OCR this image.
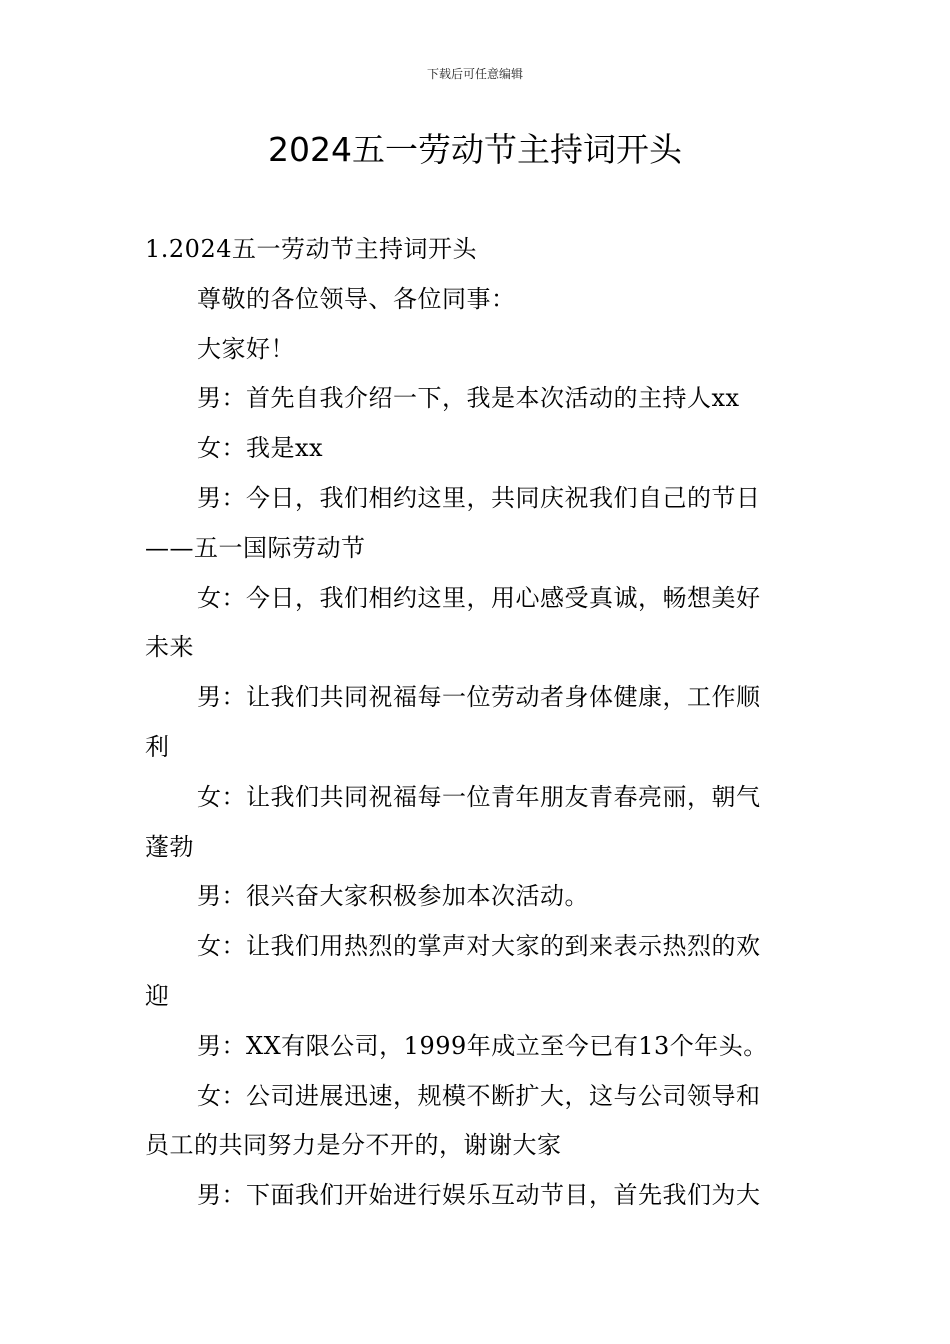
下载后可任意编辑
2024五一劳动节主持词开头

1.2024五一劳动节主持词开头

尊敬的各位领导、各位同事：

大家好！

男：首先自我介绍一下，我是本次活动的主持人xx

女：我是xx

男：今日，我们相约这里，共同庆祝我们自己的节日

——五一国际劳动节

女：今日，我们相约这里，用心感受真诚，畅想美好

未来

男：让我们共同祝福每一位劳动者身体健康，工作顺

利

女：让我们共同祝福每一位青年朋友青春亮丽，朝气

蓬勃

男：很兴奋大家积极参加本次活动。

女：让我们用热烈的掌声对大家的到来表示热烈的欢

迎

男：XX有限公司，1999年成立至今已有13个年头。

女：公司进展迅速，规模不断扩大，这与公司领导和

员工的共同努力是分不开的，谢谢大家

男：下面我们开始进行娱乐互动节目，首先我们为大
